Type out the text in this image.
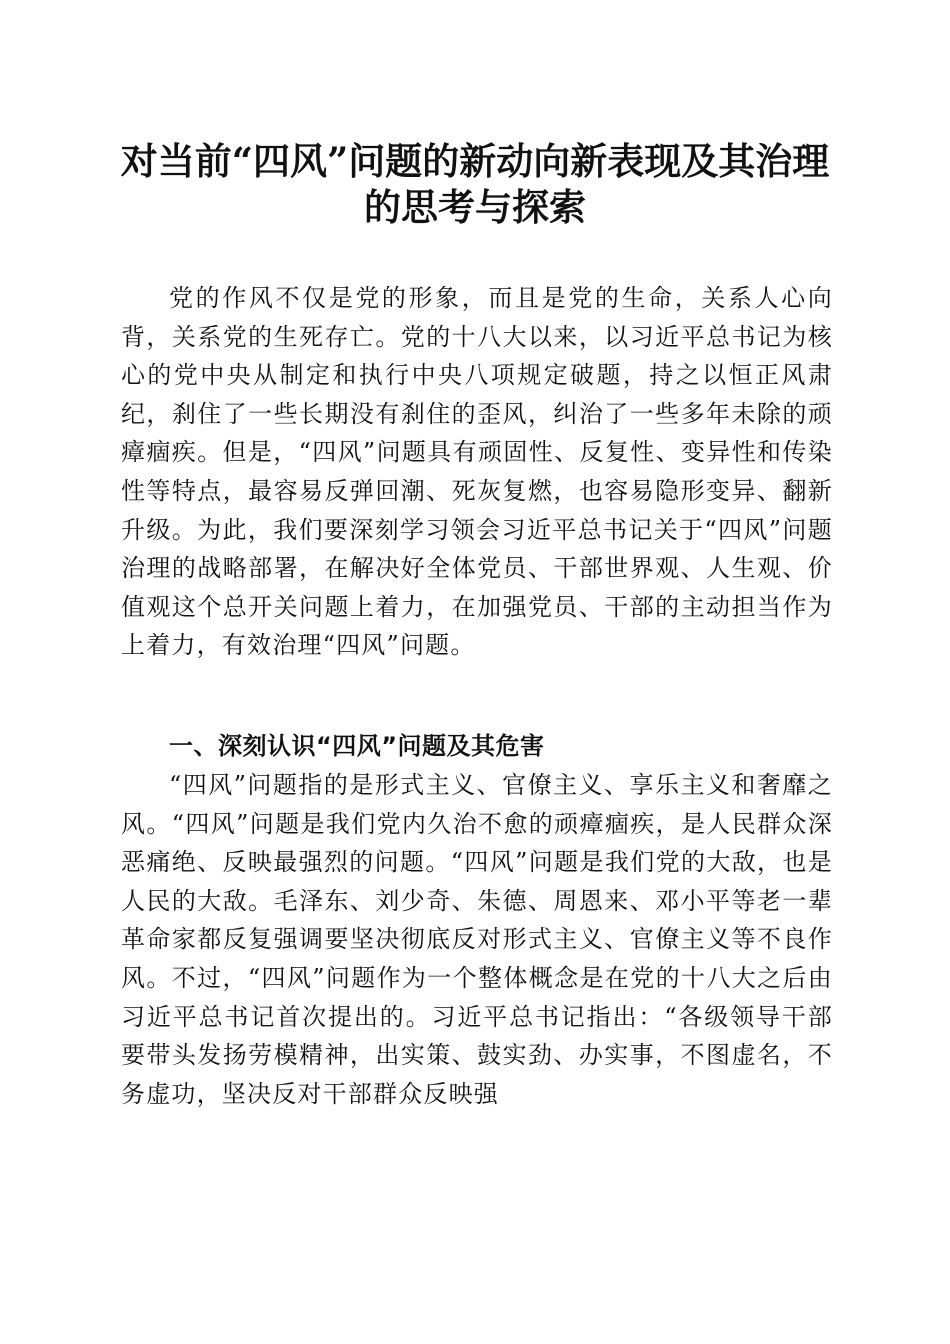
对当前“四风”问题的新动向新表现及其治理
的思考与探索

党的作风不仅是党的形象，而且是党的生命，关系人心向背，关系党的生死存亡。党的十八大以来，以习近平总书记为核心的党中央从制定和执行中央八项规定破题，持之以恒正风肃纪，刹住了一些长期没有刹住的歪风，纠治了一些多年未除的顽瘴痼疾。但是，“四风”问题具有顽固性、反复性、变异性和传染性等特点，最容易反弹回潮、死灰复燃，也容易隐形变异、翻新升级。为此，我们要深刻学习领会习近平总书记关于“四风”问题治理的战略部署，在解决好全体党员、干部世界观、人生观、价值观这个总开关问题上着力，在加强党员、干部的主动担当作为上着力，有效治理“四风”问题。

一、深刻认识“四风”问题及其危害

“四风”问题指的是形式主义、官僚主义、享乐主义和奢靡之风。“四风”问题是我们党内久治不愈的顽瘴痼疾，是人民群众深恶痛绝、反映最强烈的问题。“四风”问题是我们党的大敌，也是人民的大敌。毛泽东、刘少奇、朱德、周恩来、邓小平等老一辈革命家都反复强调要坚决彻底反对形式主义、官僚主义等不良作风。不过，“四风”问题作为一个整体概念是在党的十八大之后由习近平总书记首次提出的。习近平总书记指出：“各级领导干部要带头发扬劳模精神，出实策、鼓实劲、办实事，不图虚名，不务虚功，坚决反对干部群众反映强
